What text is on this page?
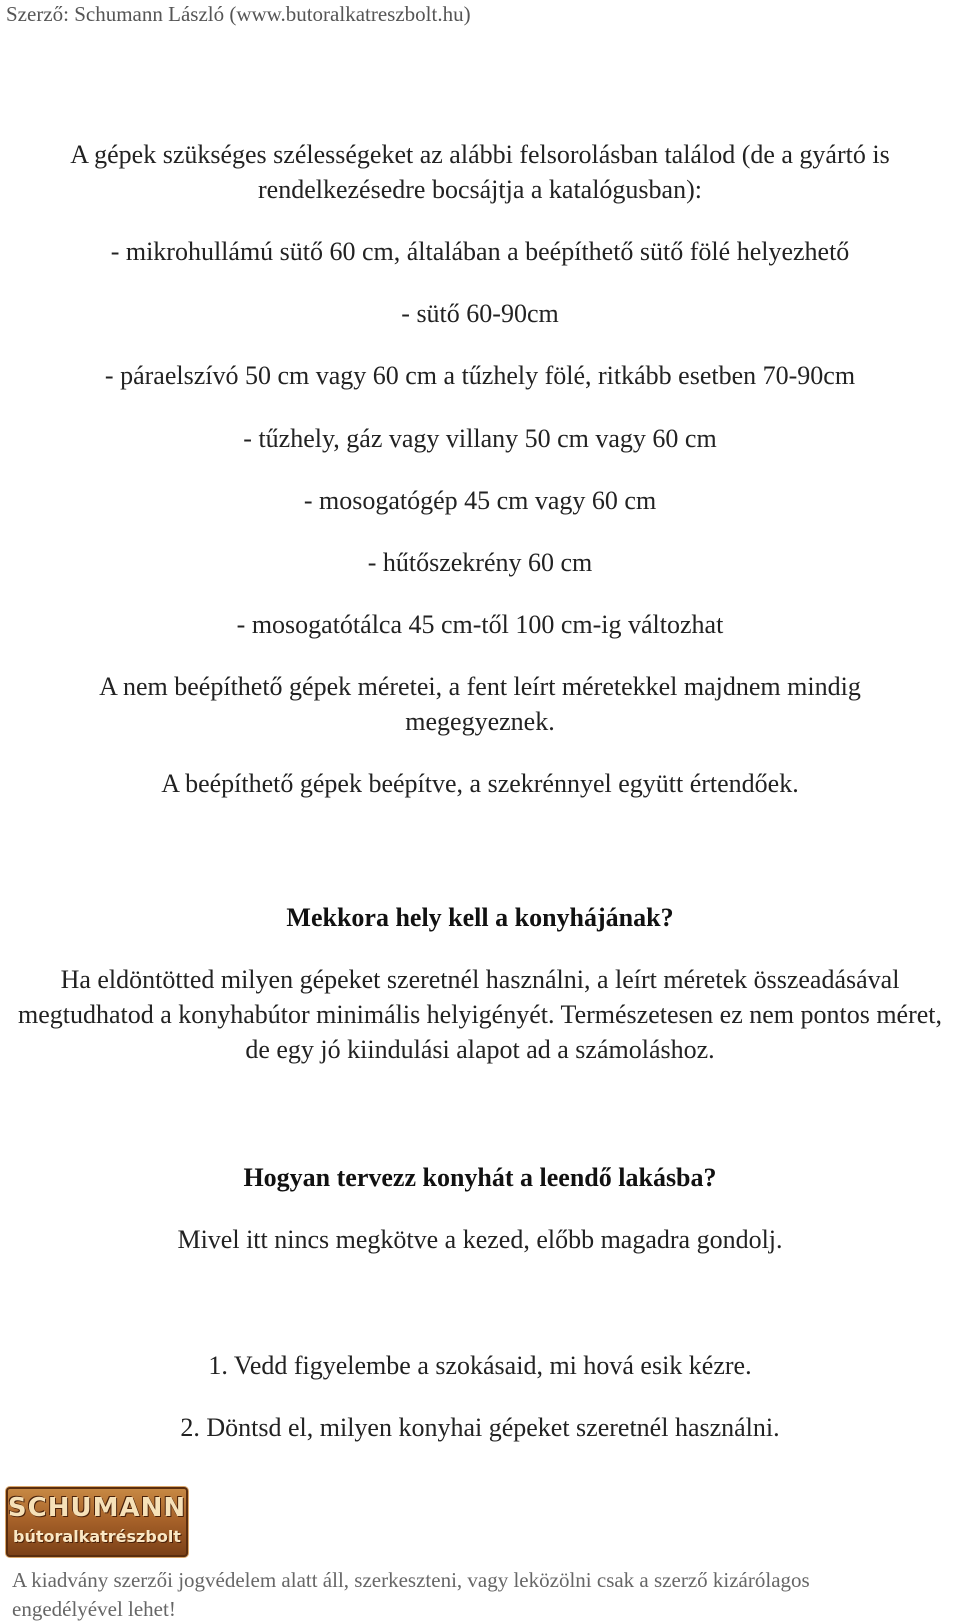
Szerző: Schumann László (www.butoralkatreszbolt.hu)
A gépek szükséges szélességeket az alábbi felsorolásban találod (de a gyártó is rendelkezésedre bocsájtja a katalógusban):
- mikrohullámú sütő 60 cm, általában a beépíthető sütő fölé helyezhető
- sütő 60-90cm
- páraelszívó 50 cm vagy 60 cm a tűzhely fölé, ritkább esetben 70-90cm
- tűzhely, gáz vagy villany 50 cm vagy 60 cm
- mosogatógép 45 cm vagy 60 cm
- hűtőszekrény 60 cm
- mosogatótálca 45 cm-től 100 cm-ig változhat
A nem beépíthető gépek méretei, a fent leírt méretekkel majdnem mindig megegyeznek.
A beépíthető gépek beépítve, a szekrénnyel együtt értendőek.
Mekkora hely kell a konyhájának?
Ha eldöntötted milyen gépeket szeretnél használni, a leírt méretek összeadásával megtudhatod a konyhabútor minimális helyigényét. Természetesen ez nem pontos méret, de egy jó kiindulási alapot ad a számoláshoz.
Hogyan tervezz konyhát a leendő lakásba?
Mivel itt nincs megkötve a kezed, előbb magadra gondolj.
1. Vedd figyelembe a szokásaid, mi hová esik kézre.
2. Döntsd el, milyen konyhai gépeket szeretnél használni.
SCHUMANN
bútoralkatrészbolt
A kiadvány szerzői jogvédelem alatt áll, szerkeszteni, vagy leközölni csak a szerző kizárólagos engedélyével lehet!
